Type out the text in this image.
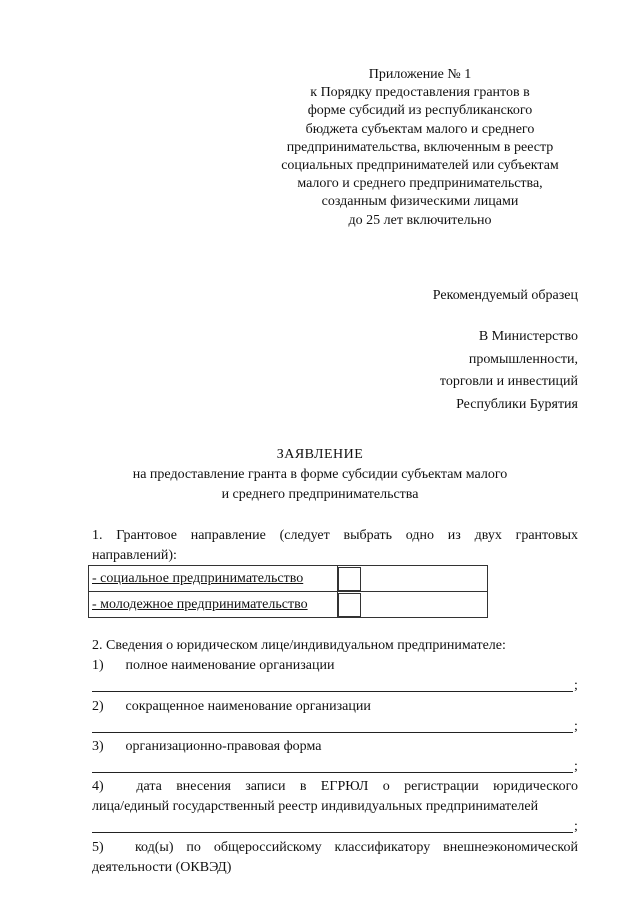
Приложение № 1
к Порядку предоставления грантов в
форме субсидий из республиканского
бюджета субъектам малого и среднего
предпринимательства, включенным в реестр
социальных предпринимателей или субъектам
малого и среднего предпринимательства,
созданным физическими лицами
до 25 лет включительно
Рекомендуемый образец
В Министерство
промышленности,
торговли и инвестиций
Республики Бурятия
ЗАЯВЛЕНИЕ
на предоставление гранта в форме субсидии субъектам малого
и среднего предпринимательства
1. Грантовое направление (следует выбрать одно из двух грантовых направлений):
- социальное предпринимательство	

- молодежное предпринимательство	
2. Сведения о юридическом лице/индивидуальном предпринимателе:
1) полное наименование организации
;
2) сокращенное наименование организации
;
3) организационно-правовая форма
;
4) дата внесения записи в ЕГРЮЛ о регистрации юридического
лица/единый государственный реестр индивидуальных предпринимателей
;
5) код(ы) по общероссийскому классификатору внешнеэкономической
деятельности (ОКВЭД)
